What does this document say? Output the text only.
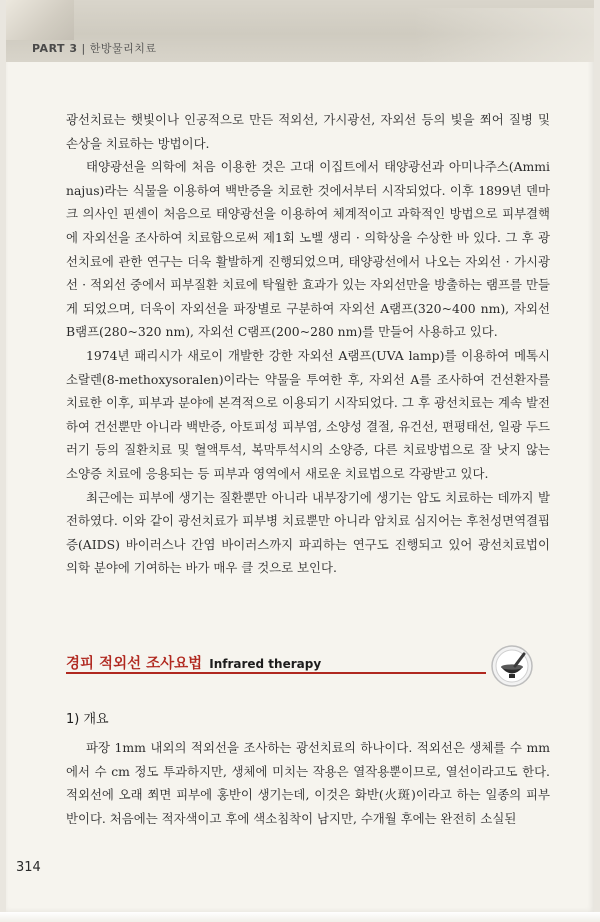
PART 3 | 한방물리치료

광선치료는 햇빛이나 인공적으로 만든 적외선, 가시광선, 자외선 등의 빛을 쬐어 질병 및 손상을 치료하는 방법이다.

태양광선을 의학에 처음 이용한 것은 고대 이집트에서 태양광선과 아미나주스(Ammi najus)라는 식물을 이용하여 백반증을 치료한 것에서부터 시작되었다. 이후 1899년 덴마크 의사인 핀센이 처음으로 태양광선을 이용하여 체계적이고 과학적인 방법으로 피부결핵에 자외선을 조사하여 치료함으로써 제1회 노벨 생리 · 의학상을 수상한 바 있다. 그 후 광선치료에 관한 연구는 더욱 활발하게 진행되었으며, 태양광선에서 나오는 자외선 · 가시광선 · 적외선 중에서 피부질환 치료에 탁월한 효과가 있는 자외선만을 방출하는 램프를 만들게 되었으며, 더욱이 자외선을 파장별로 구분하여 자외선 A램프(320~400 nm), 자외선 B램프(280~320 nm), 자외선 C램프(200~280 nm)를 만들어 사용하고 있다.

1974년 패리시가 새로이 개발한 강한 자외선 A램프(UVA lamp)를 이용하여 메톡시소랄렌(8-methoxysoralen)이라는 약물을 투여한 후, 자외선 A를 조사하여 건선환자를 치료한 이후, 피부과 분야에 본격적으로 이용되기 시작되었다. 그 후 광선치료는 계속 발전하여 건선뿐만 아니라 백반증, 아토피성 피부염, 소양성 결절, 유건선, 편평태선, 일광 두드러기 등의 질환치료 및 혈액투석, 복막투석시의 소양증, 다른 치료방법으로 잘 낫지 않는 소양증 치료에 응용되는 등 피부과 영역에서 새로운 치료법으로 각광받고 있다.

최근에는 피부에 생기는 질환뿐만 아니라 내부장기에 생기는 암도 치료하는 데까지 발전하였다. 이와 같이 광선치료가 피부병 치료뿐만 아니라 암치료 심지어는 후천성면역결핍증(AIDS) 바이러스나 간염 바이러스까지 파괴하는 연구도 진행되고 있어 광선치료법이 의학 분야에 기여하는 바가 매우 클 것으로 보인다.

경피 적외선 조사요법 Infrared therapy
1) 개요

파장 1mm 내외의 적외선을 조사하는 광선치료의 하나이다. 적외선은 생체를 수 mm에서 수 cm 정도 투과하지만, 생체에 미치는 작용은 열작용뿐이므로, 열선이라고도 한다. 적외선에 오래 쬐면 피부에 홍반이 생기는데, 이것은 화반(火斑)이라고 하는 일종의 피부반이다. 처음에는 적자색이고 후에 색소침착이 남지만, 수개월 후에는 완전히 소실된

314
